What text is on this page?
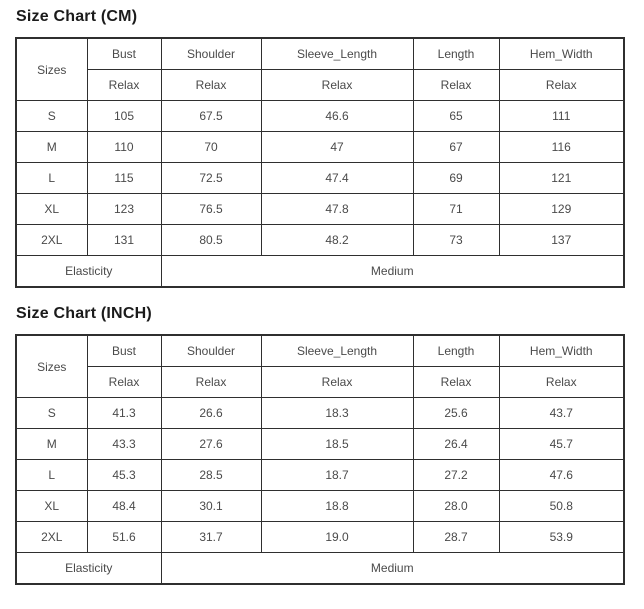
Size Chart (CM)
Sizes	Bust	Shoulder	Sleeve_Length	Length	Hem_Width
	Relax	Relax	Relax	Relax	Relax
S	105	67.5	46.6	65	111
M	110	70	47	67	116
L	115	72.5	47.4	69	121
XL	123	76.5	47.8	71	129
2XL	131	80.5	48.2	73	137
Elasticity		Medium			
Size Chart (INCH)
Sizes	Bust	Shoulder	Sleeve_Length	Length	Hem_Width
	Relax	Relax	Relax	Relax	Relax
S	41.3	26.6	18.3	25.6	43.7
M	43.3	27.6	18.5	26.4	45.7
L	45.3	28.5	18.7	27.2	47.6
XL	48.4	30.1	18.8	28.0	50.8
2XL	51.6	31.7	19.0	28.7	53.9
Elasticity		Medium			
